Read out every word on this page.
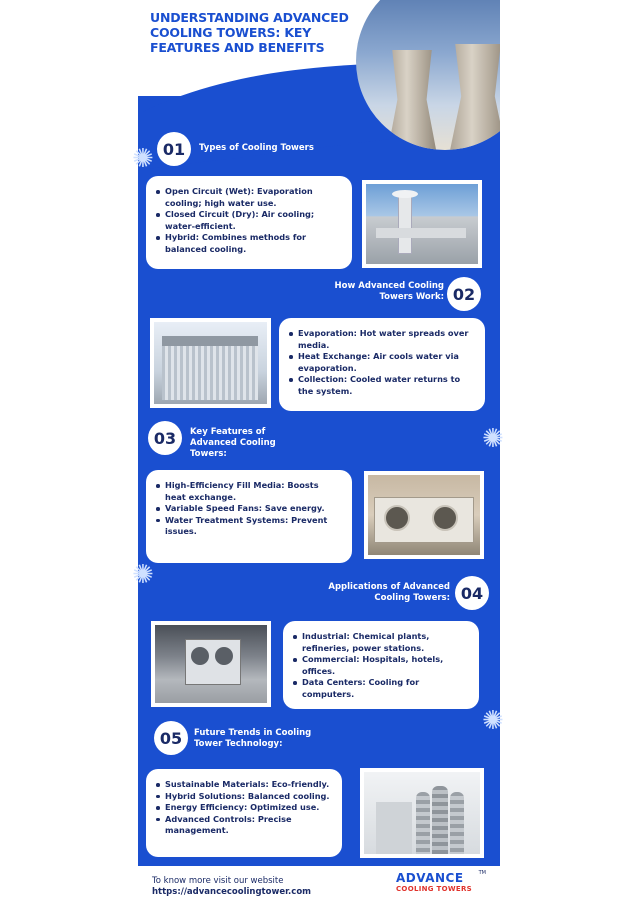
UNDERSTANDING ADVANCED COOLING TOWERS: KEY FEATURES AND BENEFITS
01	Types of Cooling Towers
Open Circuit (Wet): Evaporation cooling; high water use.
Closed Circuit (Dry): Air cooling; water-efficient.
Hybrid: Combines methods for balanced cooling.
How Advanced Cooling Towers Work: 02
Evaporation: Hot water spreads over media.
Heat Exchange: Air cools water via evaporation.
Collection: Cooled water returns to the system.
03	Key Features of Advanced Cooling Towers:
High-Efficiency Fill Media: Boosts heat exchange.
Variable Speed Fans: Save energy.
Water Treatment Systems: Prevent issues.
Applications of Advanced Cooling Towers: 04
Industrial: Chemical plants, refineries, power stations.
Commercial: Hospitals, hotels, offices.
Data Centers: Cooling for computers.
05	Future Trends in Cooling Tower Technology:
Sustainable Materials: Eco-friendly.
Hybrid Solutions: Balanced cooling.
Energy Efficiency: Optimized use.
Advanced Controls: Precise management.
✺
✺
✺
✺
To know more visit our website
https://advancecoolingtower.com
ADVANCE
COOLING TOWERS
TM
